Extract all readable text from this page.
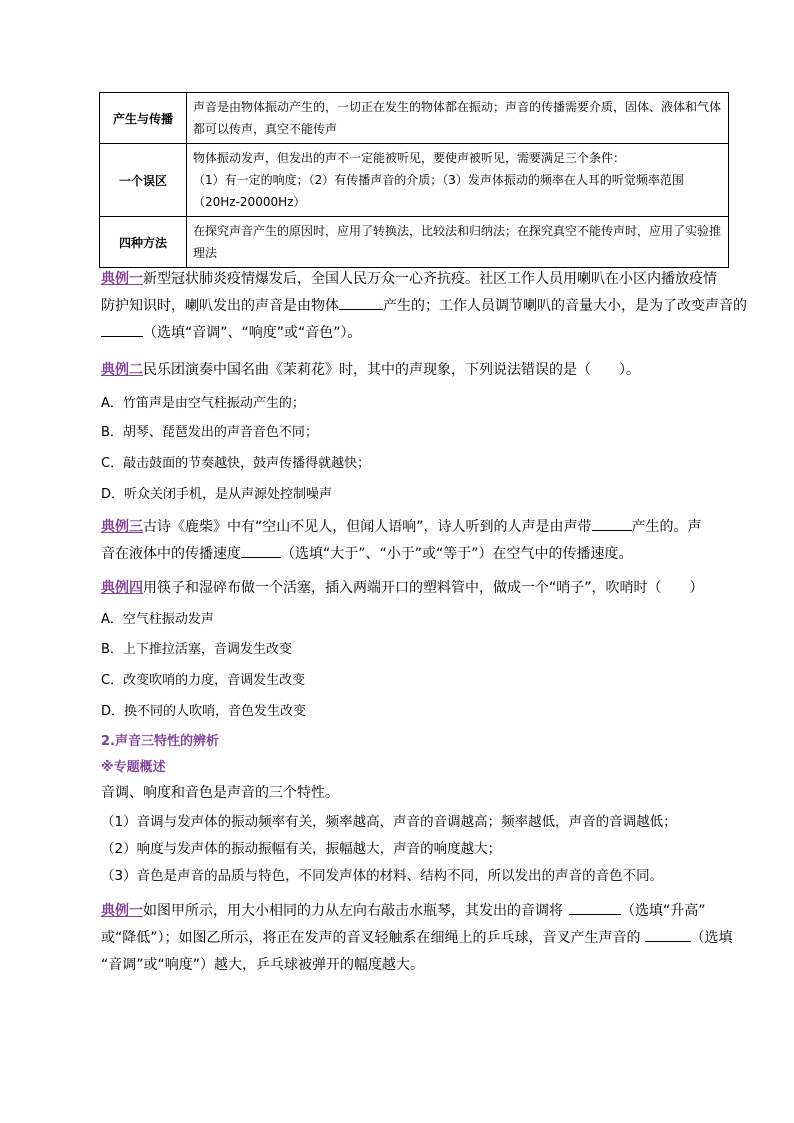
产生与传播	声音是由物体振动产生的，一切正在发生的物体都在振动；声音的传播需要介质，固体、液体和气体
都可以传声，真空不能传声

一个误区	物体振动发声，但发出的声不一定能被听见，要使声被听见，需要满足三个条件：
（1）有一定的响度；（2）有传播声音的介质；（3）发声体振动的频率在人耳的听觉频率范围
（20Hz-20000Hz）

四种方法	在探究声音产生的原因时，应用了转换法，比较法和归纳法；在探究真空不能传声时，应用了实验推
理法
典例一新型冠状肺炎疫情爆发后，全国人民万众一心齐抗疫。社区工作人员用喇叭在小区内播放疫情
防护知识时，喇叭发出的声音是由物体	产生的；工作人员调节喇叭的音量大小，是为了改变声音的
（选填“音调”、“响度”或“音色”）。
典例二民乐团演奏中国名曲《茉莉花》时，其中的声现象，下列说法错误的是（　　）。
A．竹笛声是由空气柱振动产生的；
B．胡琴、琵琶发出的声音音色不同；
C．敲击鼓面的节奏越快，鼓声传播得就越快；
D．听众关闭手机，是从声源处控制噪声
典例三古诗《鹿柴》中有“空山不见人，但闻人语响”，诗人听到的人声是由声带	产生的。声
音在液体中的传播速度	（选填“大于”、“小于”或“等于”）在空气中的传播速度。
典例四用筷子和湿碎布做一个活塞，插入两端开口的塑料管中，做成一个“哨子”，吹哨时（　　）
A．空气柱振动发声
B．上下推拉活塞，音调发生改变
C．改变吹哨的力度，音调发生改变
D．换不同的人吹哨，音色发生改变
2.声音三特性的辨析
※专题概述
音调、响度和音色是声音的三个特性。
（1）音调与发声体的振动频率有关，频率越高，声音的音调越高；频率越低，声音的音调越低；
（2）响度与发声体的振动振幅有关，振幅越大，声音的响度越大；
（3）音色是声音的品质与特色，不同发声体的材料、结构不同，所以发出的声音的音色不同。
典例一如图甲所示，用大小相同的力从左向右敲击水瓶琴，其发出的音调将	（选填“升高”
或“降低”）；如图乙所示，将正在发声的音叉轻触系在细绳上的乒乓球，音叉产生声音的	（选填
“音调”或“响度”）越大，乒乓球被弹开的幅度越大。
